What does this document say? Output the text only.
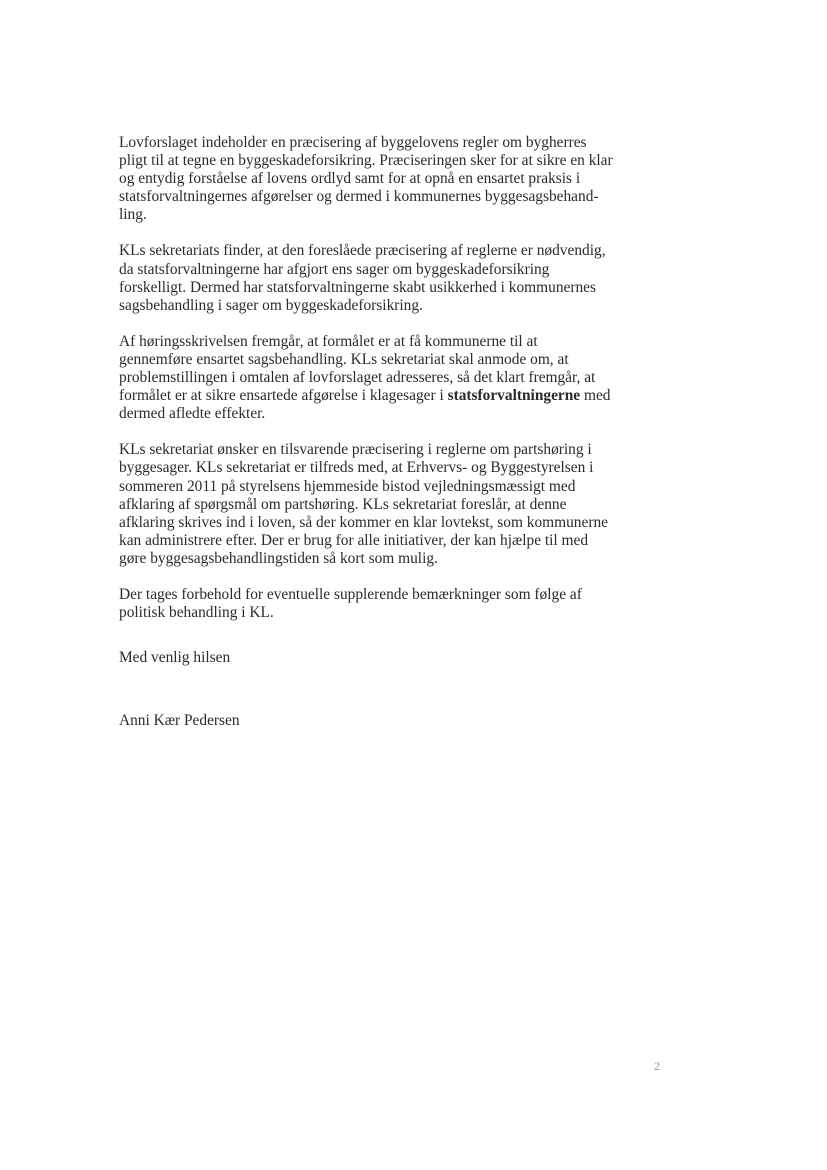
Lovforslaget indeholder en præcisering af byggelovens regler om bygherres
pligt til at tegne en byggeskadeforsikring. Præciseringen sker for at sikre en klar
og entydig forståelse af lovens ordlyd samt for at opnå en ensartet praksis i
statsforvaltningernes afgørelser og dermed i kommunernes byggesagsbehand-
ling.

KLs sekretariats finder, at den foreslåede præcisering af reglerne er nødvendig,
da statsforvaltningerne har afgjort ens sager om byggeskadeforsikring
forskelligt. Dermed har statsforvaltningerne skabt usikkerhed i kommunernes
sagsbehandling i sager om byggeskadeforsikring.

Af høringsskrivelsen fremgår, at formålet er at få kommunerne til at
gennemføre ensartet sagsbehandling. KLs sekretariat skal anmode om, at
problemstillingen i omtalen af lovforslaget adresseres, så det klart fremgår, at
formålet er at sikre ensartede afgørelse i klagesager i statsforvaltningerne med
dermed afledte effekter.

KLs sekretariat ønsker en tilsvarende præcisering i reglerne om partshøring i
byggesager. KLs sekretariat er tilfreds med, at Erhvervs- og Byggestyrelsen i
sommeren 2011 på styrelsens hjemmeside bistod vejledningsmæssigt med
afklaring af spørgsmål om partshøring. KLs sekretariat foreslår, at denne
afklaring skrives ind i loven, så der kommer en klar lovtekst, som kommunerne
kan administrere efter. Der er brug for alle initiativer, der kan hjælpe til med
gøre byggesagsbehandlingstiden så kort som mulig.

Der tages forbehold for eventuelle supplerende bemærkninger som følge af
politisk behandling i KL.

Med venlig hilsen
Anni Kær Pedersen
2
